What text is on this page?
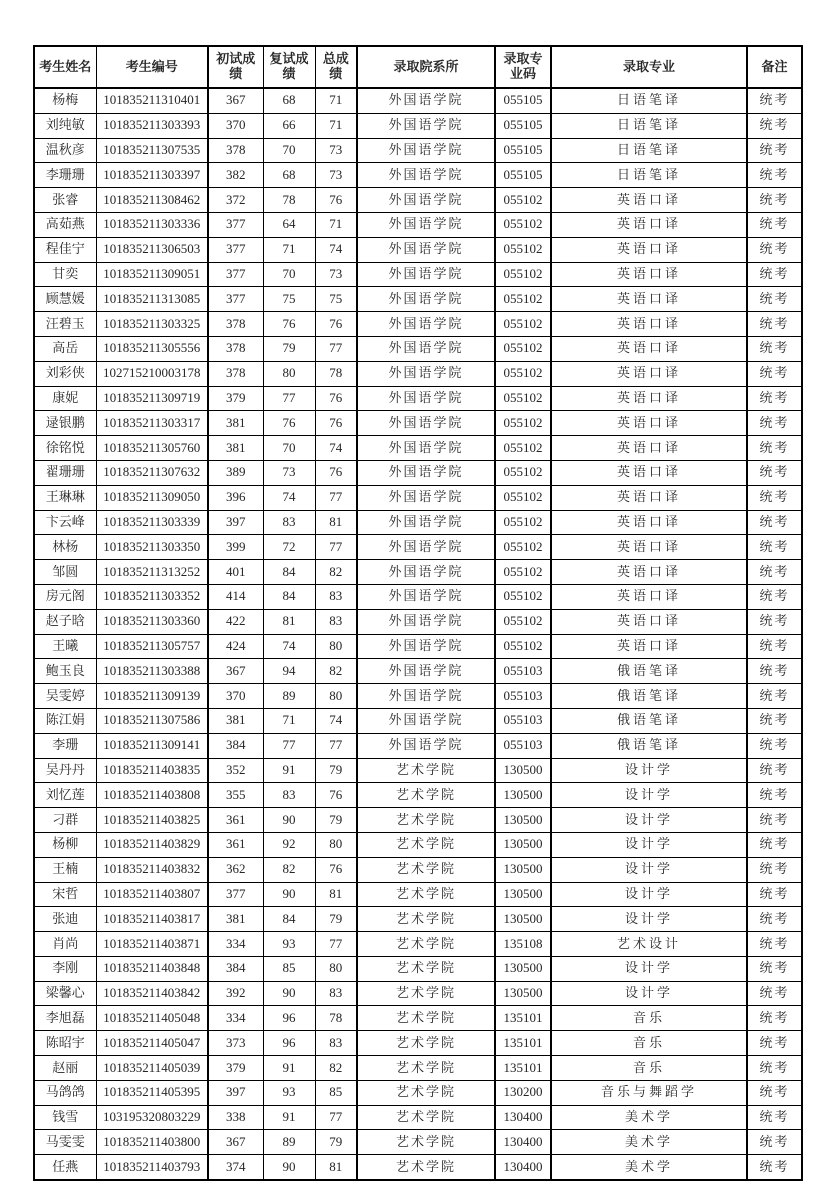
考生姓名	考生编号	初试成绩	复试成绩	总成绩	录取院系所	录取专业码	录取专业	备注
杨梅	101835211310401	367	68	71	外国语学院	055105	日语笔译	统考
刘纯敏	101835211303393	370	66	71	外国语学院	055105	日语笔译	统考
温秋彦	101835211307535	378	70	73	外国语学院	055105	日语笔译	统考
李珊珊	101835211303397	382	68	73	外国语学院	055105	日语笔译	统考
张睿	101835211308462	372	78	76	外国语学院	055102	英语口译	统考
高茹燕	101835211303336	377	64	71	外国语学院	055102	英语口译	统考
程佳宁	101835211306503	377	71	74	外国语学院	055102	英语口译	统考
甘奕	101835211309051	377	70	73	外国语学院	055102	英语口译	统考
顾慧媛	101835211313085	377	75	75	外国语学院	055102	英语口译	统考
汪碧玉	101835211303325	378	76	76	外国语学院	055102	英语口译	统考
高岳	101835211305556	378	79	77	外国语学院	055102	英语口译	统考
刘彩侠	102715210003178	378	80	78	外国语学院	055102	英语口译	统考
康妮	101835211309719	379	77	76	外国语学院	055102	英语口译	统考
逯银鹏	101835211303317	381	76	76	外国语学院	055102	英语口译	统考
徐铭悦	101835211305760	381	70	74	外国语学院	055102	英语口译	统考
翟珊珊	101835211307632	389	73	76	外国语学院	055102	英语口译	统考
王琳琳	101835211309050	396	74	77	外国语学院	055102	英语口译	统考
卞云峰	101835211303339	397	83	81	外国语学院	055102	英语口译	统考
林杨	101835211303350	399	72	77	外国语学院	055102	英语口译	统考
邹圆	101835211313252	401	84	82	外国语学院	055102	英语口译	统考
房元阁	101835211303352	414	84	83	外国语学院	055102	英语口译	统考
赵子晗	101835211303360	422	81	83	外国语学院	055102	英语口译	统考
王曦	101835211305757	424	74	80	外国语学院	055102	英语口译	统考
鲍玉良	101835211303388	367	94	82	外国语学院	055103	俄语笔译	统考
吴雯婷	101835211309139	370	89	80	外国语学院	055103	俄语笔译	统考
陈江娟	101835211307586	381	71	74	外国语学院	055103	俄语笔译	统考
李珊	101835211309141	384	77	77	外国语学院	055103	俄语笔译	统考
吴丹丹	101835211403835	352	91	79	艺术学院	130500	设计学	统考
刘忆莲	101835211403808	355	83	76	艺术学院	130500	设计学	统考
刁群	101835211403825	361	90	79	艺术学院	130500	设计学	统考
杨柳	101835211403829	361	92	80	艺术学院	130500	设计学	统考
王楠	101835211403832	362	82	76	艺术学院	130500	设计学	统考
宋哲	101835211403807	377	90	81	艺术学院	130500	设计学	统考
张迪	101835211403817	381	84	79	艺术学院	130500	设计学	统考
肖尚	101835211403871	334	93	77	艺术学院	135108	艺术设计	统考
李刚	101835211403848	384	85	80	艺术学院	130500	设计学	统考
梁馨心	101835211403842	392	90	83	艺术学院	130500	设计学	统考
李旭磊	101835211405048	334	96	78	艺术学院	135101	音乐	统考
陈昭宇	101835211405047	373	96	83	艺术学院	135101	音乐	统考
赵丽	101835211405039	379	91	82	艺术学院	135101	音乐	统考
马鸽鸽	101835211405395	397	93	85	艺术学院	130200	音乐与舞蹈学	统考
钱雪	103195320803229	338	91	77	艺术学院	130400	美术学	统考
马雯雯	101835211403800	367	89	79	艺术学院	130400	美术学	统考
任燕	101835211403793	374	90	81	艺术学院	130400	美术学	统考
